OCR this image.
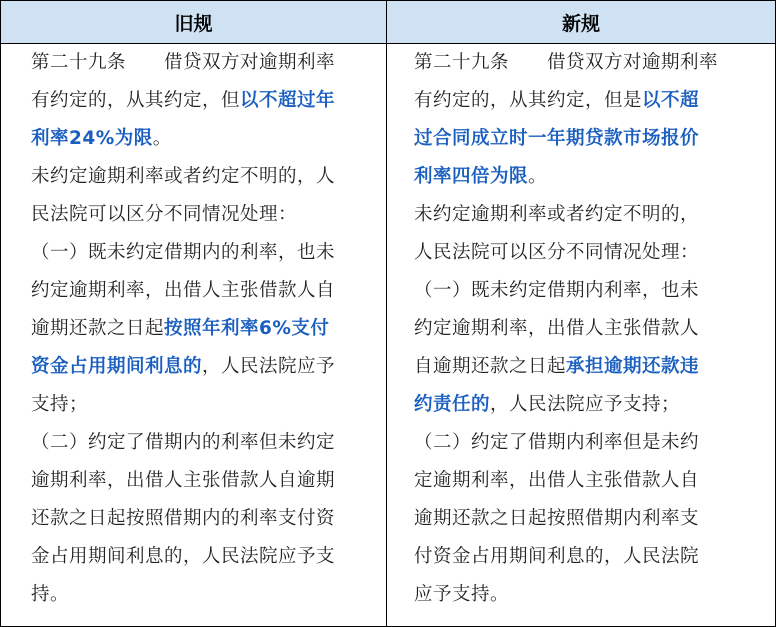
旧规	新规
第二十九条　　借贷双方对逾期利率
有约定的，从其约定，但以不超过年
利率24%为限。
未约定逾期利率或者约定不明的，人
民法院可以区分不同情况处理：
（一）既未约定借期内的利率，也未
约定逾期利率，出借人主张借款人自
逾期还款之日起按照年利率6%支付
资金占用期间利息的，人民法院应予
支持；
（二）约定了借期内的利率但未约定
逾期利率，出借人主张借款人自逾期
还款之日起按照借期内的利率支付资
金占用期间利息的，人民法院应予支
持。
第二十九条　　借贷双方对逾期利率
有约定的，从其约定，但是以不超
过合同成立时一年期贷款市场报价
利率四倍为限。
未约定逾期利率或者约定不明的，
人民法院可以区分不同情况处理：
（一）既未约定借期内利率，也未
约定逾期利率，出借人主张借款人
自逾期还款之日起承担逾期还款违
约责任的，人民法院应予支持；
（二）约定了借期内利率但是未约
定逾期利率，出借人主张借款人自
逾期还款之日起按照借期内利率支
付资金占用期间利息的，人民法院
应予支持。
